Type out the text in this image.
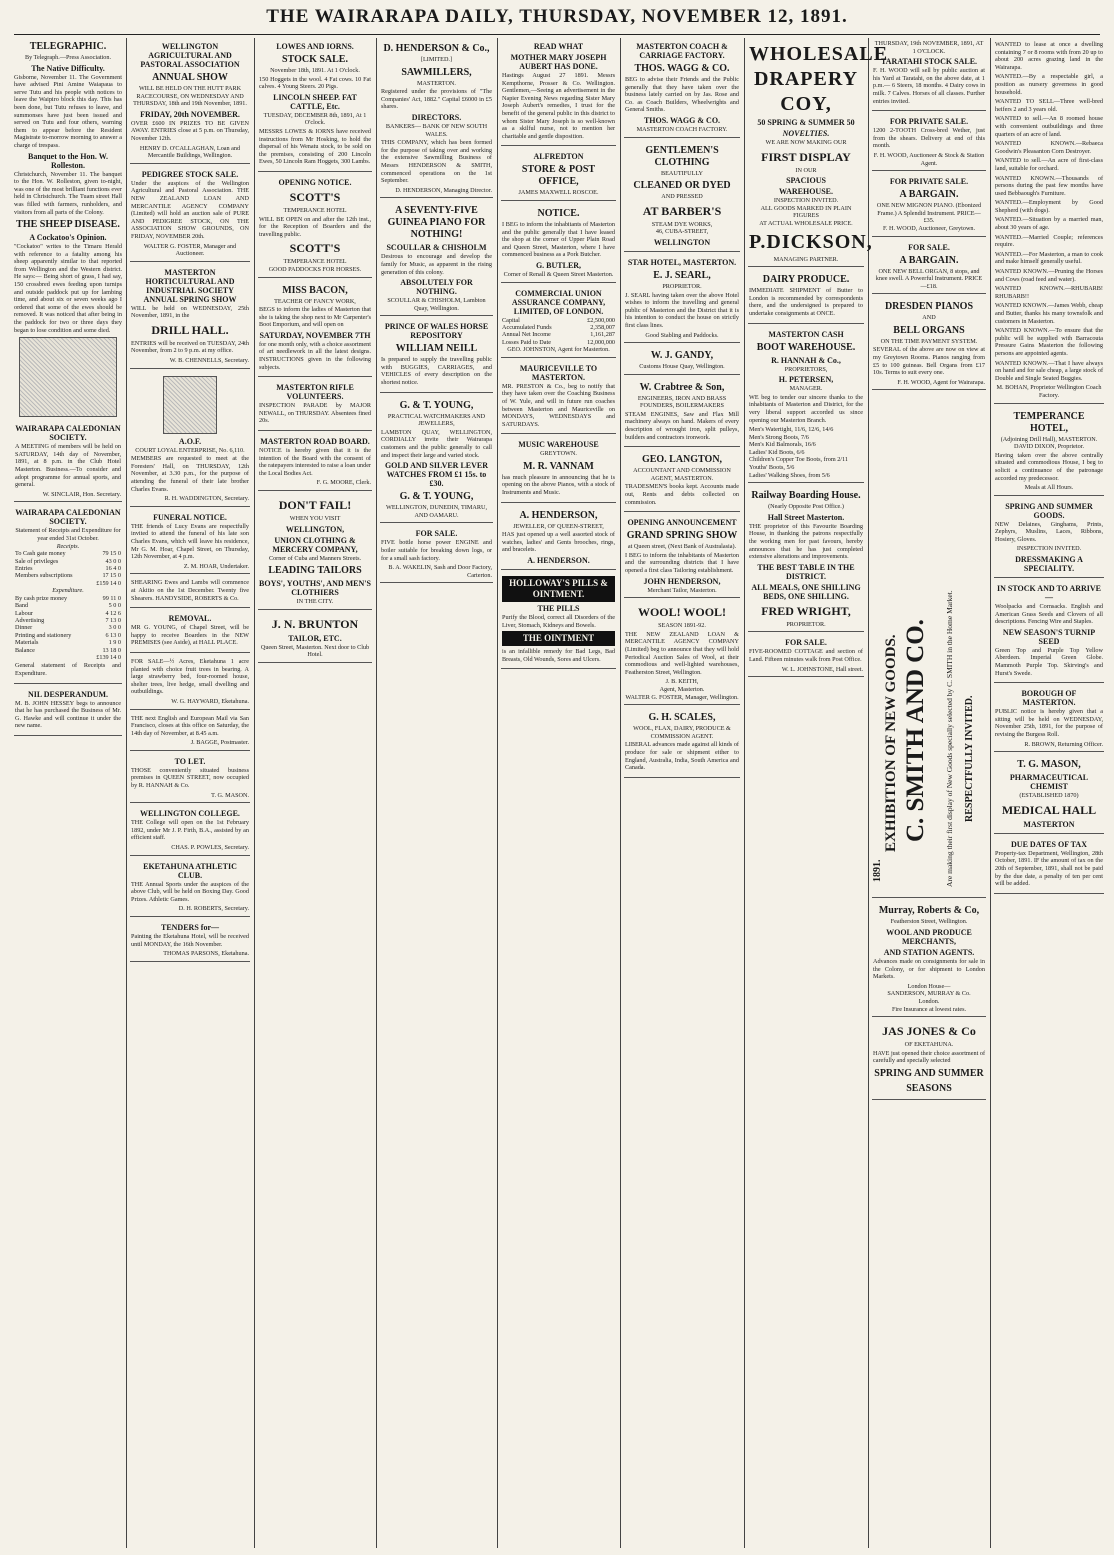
THE WAIRARAPA DAILY, THURSDAY, NOVEMBER 12, 1891.
TELEGRAPHIC.
By Telegraph.—Press Association.
The Native Difficulty.
Gisborne, November 11. The Government have advised Pini Amine Waiapaua to serve Tutu and his people with notices to leave the Waipiro block this day. This has been done, but Tutu refuses to leave, and summonses have just been issued and served on Tutu and four others, warning them to appear before the Resident Magistrate to-morrow morning to answer a charge of trespass.
Banquet to the Hon. W. Rolleston.
Christchurch, November 11. The banquet to the Hon. W. Rolleston, given to-night, was one of the most brilliant functions ever held in Christchurch. The Tuam street Hall was filled with farmers, runholders, and visitors from all parts of the Colony.
THE SHEEP DISEASE.
A Cockatoo's Opinion.
"Cockatoo" writes to the Timaru Herald with reference to a fatality among his sheep apparently similar to that reported from Wellington and the Western district. He says:— Being short of grass, I had say, 150 crossbred ewes feeding upon turnips and outside paddock put up for lambing time, and about six or seven weeks ago I ordered that some of the ewes should be removed. It was noticed that after being in the paddock for two or three days they began to lose condition and some died.
WAIRARAPA CALEDONIAN SOCIETY.
A MEETING of members will be held on SATURDAY, 14th day of November, 1891, at 8 p.m. in the Club Hotel Masterton. Business.—To consider and adopt programme for annual sports, and general.
W. SINCLAIR, Hon. Secretary.
WAIRARAPA CALEDONIAN SOCIETY.
Statement of Receipts and Expenditure for year ended 31st October.
Receipts.
To Cash gate money	79 15 0
Sale of privileges	43 0 0
Entries	16 4 0
Members subscriptions	17 15 0
	£159 14 0
Expenditure.
By cash prize money	99 11 0
Band	5 0 0
Labour	4 12 6
Advertising	7 13 0
Dinner	3 0 0
Printing and stationery	6 13 0
Materials	1 9 0
Balance	13 18 0
	£139 14 0
General statement of Receipts and Expenditure.
NIL DESPERANDUM.
M. B. JOHN HESSEY begs to announce that he has purchased the Business of Mr. G. Hawke and will continue it under the new name.
WELLINGTON AGRICULTURAL AND PASTORAL ASSOCIATION
ANNUAL SHOW
WILL BE HELD ON THE HUTT PARK RACECOURSE, ON WEDNESDAY AND THURSDAY, 18th and 19th November, 1891.
FRIDAY, 20th NOVEMBER.
OVER £600 IN PRIZES TO BE GIVEN AWAY. ENTRIES close at 5 p.m. on Thursday, November 12th.
HENRY D. O'CALLAGHAN, Loan and Mercantile Buildings, Wellington.
PEDIGREE STOCK SALE.
Under the auspices of the Wellington Agricultural and Pastoral Association. THE NEW ZEALAND LOAN AND MERCANTILE AGENCY COMPANY (Limited) will hold an auction sale of PURE AND PEDIGREE STOCK, ON THE ASSOCIATION SHOW GROUNDS, ON FRIDAY, NOVEMBER 20th.
WALTER G. FOSTER, Manager and Auctioneer.
MASTERTON HORTICULTURAL AND INDUSTRIAL SOCIETY ANNUAL SPRING SHOW
WILL be held on WEDNESDAY, 25th November, 1891, in the
DRILL HALL.
ENTRIES will be received on TUESDAY, 24th November, from 2 to 9 p.m. at my office.
W. B. CHENNELLS, Secretary.
A.O.F.
COURT LOYAL ENTERPRISE, No. 6,110.
MEMBERS are requested to meet at the Foresters' Hall, on THURSDAY, 12th November, at 3.30 p.m., for the purpose of attending the funeral of their late brother Charles Evans.
R. H. WADDINGTON, Secretary.
FUNERAL NOTICE.
THE friends of Lucy Evans are respectfully invited to attend the funeral of his late son Charles Evans, which will leave his residence, Mr G. M. Hoar, Chapel Street, on Thursday, 12th November, at 4 p.m.
Z. M. HOAR, Undertaker.
SHEARING Ewes and Lambs will commence at Akitio on the 1st December. Twenty five Shearers. HANDYSIDE, ROBERTS & Co.
REMOVAL.
MR G. YOUNG, of Chapel Street, will be happy to receive Boarders in the NEW PREMISES (see Aside), at HALL PLACE.
FOR SALE—½ Acres, Eketahuna 1 acre planted with choice fruit trees in bearing. A large strawberry bed, four-roomed house, shelter trees, live hedge, small dwelling and outbuildings.
W. G. HAYWARD, Eketahuna.
THE next English and European Mail via San Francisco, closes at this office on Saturday, the 14th day of November, at 8.45 a.m.
J. BAGGE, Postmaster.
TO LET.
THOSE conveniently situated business premises in QUEEN STREET, now occupied by R. HANNAH & Co.
T. G. MASON.
WELLINGTON COLLEGE.
THE College will open on the 1st February 1892, under Mr J. P. Firth, B.A., assisted by an efficient staff.
CHAS. P. POWLES, Secretary.
EKETAHUNA ATHLETIC CLUB.
THE Annual Sports under the auspices of the above Club, will be held on Boxing Day. Good Prizes. Athletic Games.
D. H. ROBERTS, Secretary.
TENDERS for—
Painting the Eketahuna Hotel, will be received until MONDAY, the 16th November.
THOMAS PARSONS, Eketahuna.
LOWES AND IORNS.
STOCK SALE.
November 18th, 1891. At 1 O'clock.
150 Hoggets in the wool. 4 Fat cows. 10 Fat calves. 4 Young Steers. 20 Pigs.
LINCOLN SHEEP. FAT CATTLE, Etc.
TUESDAY, DECEMBER 8th, 1891, At 1 O'clock.
MESSRS LOWES & IORNS have received instructions from Mr Hosking, to hold the dispersal of his Wenatu stock, to be sold on the premises, consisting of 200 Lincoln Ewes, 50 Lincoln Ram Hoggets, 300 Lambs.
OPENING NOTICE.
SCOTT'S
TEMPERANCE HOTEL
WILL BE OPEN on and after the 12th inst., for the Reception of Boarders and the travelling public.
SCOTT'S
TEMPERANCE HOTEL
GOOD PADDOCKS FOR HORSES.
MISS BACON,
TEACHER OF FANCY WORK,
BEGS to inform the ladies of Masterton that she is taking the shop next to Mr Carpenter's Boot Emporium, and will open on
SATURDAY, NOVEMBER 7TH
for one month only, with a choice assortment of art needlework in all the latest designs. INSTRUCTIONS given in the following subjects.
MASTERTON RIFLE VOLUNTEERS.
INSPECTION PARADE by MAJOR NEWALL, on THURSDAY. Absentees fined 20s.
MASTERTON ROAD BOARD.
NOTICE is hereby given that it is the intention of the Board with the consent of the ratepayers interested to raise a loan under the Local Bodies Act.
F. G. MOORE, Clerk.
DON'T FAIL!
WHEN YOU VISIT
WELLINGTON,
UNION CLOTHING & MERCERY COMPANY,
Corner of Cuba and Manners Streets.
LEADING TAILORS
BOYS', YOUTHS', AND MEN'S CLOTHIERS
IN THE CITY.
J. N. BRUNTON
TAILOR, ETC.
Queen Street, Masterton. Next door to Club Hotel.
D. HENDERSON & Co.,
[LIMITED.]
SAWMILLERS,
MASTERTON.
Registered under the provisions of "The Companies' Act, 1882." Capital £6000 in £5 shares.
DIRECTORS.
BANKERS— BANK OF NEW SOUTH WALES.
THIS COMPANY, which has been formed for the purpose of taking over and working the extensive Sawmilling Business of Messrs HENDERSON & SMITH, commenced operations on the 1st September.
D. HENDERSON, Managing Director.
A SEVENTY-FIVE GUINEA PIANO FOR NOTHING!
SCOULLAR & CHISHOLM
Desirous to encourage and develop the family for Music, as apparent in the rising generation of this colony.
ABSOLUTELY FOR NOTHING.
SCOULLAR & CHISHOLM, Lambton Quay, Wellington.
PRINCE OF WALES HORSE REPOSITORY
WILLIAM NEILL
Is prepared to supply the travelling public with BUGGIES, CARRIAGES, and VEHICLES of every description on the shortest notice.
G. & T. YOUNG,
PRACTICAL WATCHMAKERS AND JEWELLERS,
LAMBTON QUAY, WELLINGTON, CORDIALLY invite their Wairarapa customers and the public generally to call and inspect their large and varied stock.
GOLD AND SILVER LEVER WATCHES FROM £1 15s. to £30.
G. & T. YOUNG,
WELLINGTON, DUNEDIN, TIMARU, AND OAMARU.
FOR SALE.
FIVE bottle horse power ENGINE and boiler suitable for breaking down logs, or for a small sash factory.
B. A. WAKELIN, Sash and Door Factory, Carterton.
READ WHAT
MOTHER MARY JOSEPH AUBERT HAS DONE.
Hastings August 27 1891. Messrs Kempthorne, Prosser & Co. Wellington. Gentlemen,—Seeing an advertisement in the Napier Evening News regarding Sister Mary Joseph Aubert's remedies, I trust for the benefit of the general public in this district to whom Sister Mary Joseph is so well-known as a skilful nurse, not to mention her charitable and gentle disposition.
ALFREDTON
STORE & POST OFFICE,
JAMES MAXWELL ROSCOE.
NOTICE.
I BEG to inform the inhabitants of Masterton and the public generally that I have leased the shop at the corner of Upper Plain Road and Queen Street, Masterton, where I have commenced business as a Pork Butcher.
G. BUTLER,
Corner of Renall & Queen Street Masterton.
COMMERCIAL UNION ASSURANCE COMPANY, LIMITED, OF LONDON.
Capital	£2,500,000
Accumulated Funds	2,358,007
Annual Net Income	1,161,287
Losses Paid to Date	12,000,000
GEO. JOHNSTON, Agent for Masterton.
MAURICEVILLE TO MASTERTON.
MR. PRESTON & Co., beg to notify that they have taken over the Coaching Business of W. Yule, and will in future run coaches between Masterton and Mauriceville on MONDAYS, WEDNESDAYS and SATURDAYS.
MUSIC WAREHOUSE
GREYTOWN.
M. R. VANNAM
has much pleasure in announcing that he is opening on the above Pianos, with a stock of Instruments and Music.
A. HENDERSON,
JEWELLER, OF QUEEN-STREET,
HAS just opened up a well assorted stock of watches, ladies' and Gents brooches, rings, and bracelets.
A. HENDERSON.
HOLLOWAY'S PILLS & OINTMENT.
THE PILLS
Purify the Blood, correct all Disorders of the Liver, Stomach, Kidneys and Bowels.
THE OINTMENT
is an infallible remedy for Bad Legs, Bad Breasts, Old Wounds, Sores and Ulcers.
MASTERTON COACH & CARRIAGE FACTORY.
THOS. WAGG & CO.
BEG to advise their Friends and the Public generally that they have taken over the business lately carried on by Jas. Rose and Co. as Coach Builders, Wheelwrights and General Smiths.
THOS. WAGG & CO.
MASTERTON COACH FACTORY.
GENTLEMEN'S CLOTHING
BEAUTIFULLY
CLEANED OR DYED
AND PRESSED
AT BARBER'S
STEAM DYE WORKS,
46, CUBA-STREET,
WELLINGTON
STAR HOTEL, MASTERTON.
E. J. SEARL,
PROPRIETOR.
J. SEARL having taken over the above Hotel wishes to inform the travelling and general public of Masterton and the District that it is his intention to conduct the house on strictly first class lines.
Good Stabling and Paddocks.
W. J. GANDY,
Customs House Quay, Wellington.
W. Crabtree & Son,
ENGINEERS, IRON AND BRASS FOUNDERS, BOILERMAKERS
STEAM ENGINES, Saw and Flax Mill machinery always on hand. Makers of every description of wrought iron, split pulleys, builders and contractors ironwork.
GEO. LANGTON,
ACCOUNTANT AND COMMISSION AGENT, MASTERTON.
TRADESMEN'S books kept. Accounts made out, Rents and debts collected on commission.
OPENING ANNOUNCEMENT
GRAND SPRING SHOW
at Queen street, (Next Bank of Australasia).
I BEG to inform the inhabitants of Masterton and the surrounding districts that I have opened a first class Tailoring establishment.
JOHN HENDERSON,
Merchant Tailor, Masterton.
WOOL! WOOL!
SEASON 1891-92.
THE NEW ZEALAND LOAN & MERCANTILE AGENCY COMPANY (Limited) beg to announce that they will hold Periodical Auction Sales of Wool, at their commodious and well-lighted warehouses, Featherston Street, Wellington.
J. B. KEITH,
Agent, Masterton.
WALTER G. FOSTER, Manager, Wellington.
G. H. SCALES,
WOOL, FLAX, DAIRY, PRODUCE & COMMISSION AGENT.
LIBERAL advances made against all kinds of produce for sale or shipment either to England, Australia, India, South America and Canada.
WHOLESALE
DRAPERY
COY,
50 SPRING & SUMMER 50
NOVELTIES.
WE ARE NOW MAKING OUR
FIRST DISPLAY
IN OUR
SPACIOUS
WAREHOUSE.
INSPECTION INVITED.
ALL GOODS MARKED IN PLAIN FIGURES
AT ACTUAL WHOLESALE PRICE.
P.DICKSON,
MANAGING PARTNER.
DAIRY PRODUCE.
IMMEDIATE SHIPMENT of Butter to London is recommended by correspondents there, and the undersigned is prepared to undertake consignments at ONCE.
MASTERTON CASH
BOOT WAREHOUSE.
R. HANNAH & Co.,
PROPRIETORS,
H. PETERSEN,
MANAGER.
WE beg to tender our sincere thanks to the inhabitants of Masterton and District, for the very liberal support accorded us since opening our Masterton Branch.
Men's Watertight, 11/6, 12/6, 14/6
Men's Strong Boots, 7/6
Men's Kid Balmorals, 16/6
Ladies' Kid Boots, 6/6
Children's Copper Toe Boots, from 2/11
Youths' Boots, 5/6
Ladies' Walking Shoes, from 5/6
Railway Boarding House.
(Nearly Opposite Post Office.)
Hall Street Masterton.
THE proprietor of this Favourite Boarding House, in thanking the patrons respectfully the working men for past favours, hereby announces that he has just completed extensive alterations and improvements.
THE BEST TABLE IN THE DISTRICT.
ALL MEALS, ONE SHILLING BEDS, ONE SHILLING.
FRED WRIGHT,
PROPRIETOR.
FOR SALE.
FIVE-ROOMED COTTAGE and section of Land. Fifteen minutes walk from Post Office.
W. L. JOHNSTONE, Hall street.
THURSDAY, 19th NOVEMBER, 1891, AT 1 O'CLOCK.
TARATAHI STOCK SALE.
F. H. WOOD will sell by public auction at his Yard at Taratahi, on the above date, at 1 p.m.— 6 Steers, 18 months. 4 Dairy cows in milk. 7 Calves. Horses of all classes. Further entries invited.
FOR PRIVATE SALE.
1200 2-TOOTH Cross-bred Wether, just from the shears. Delivery at end of this month.
F. H. WOOD, Auctioneer & Stock & Station Agent.
FOR PRIVATE SALE.
A BARGAIN.
ONE NEW MIGNON PIANO. (Ebonized Frame.) A Splendid Instrument. PRICE—£35.
F. H. WOOD, Auctioneer, Greytown.
FOR SALE.
A BARGAIN.
ONE NEW BELL ORGAN, 8 stops, and knee swell. A Powerful Instrument. PRICE—£18.
DRESDEN PIANOS
AND
BELL ORGANS
ON THE TIME PAYMENT SYSTEM.
SEVERAL of the above are now on view at my Greytown Rooms. Pianos ranging from £5 to 100 guineas. Bell Organs from £17 10s. Terms to suit every one.
F. H. WOOD, Agent for Wairarapa.
1891.
EXHIBITION OF NEW GOODS. C. SMITH AND CO. Are making their first display of New Goods specially selected by C. SMITH in the Home Market. RESPECTFULLY INVITED.
Murray, Roberts & Co,
Featherston Street, Wellington.
WOOL AND PRODUCE MERCHANTS,
AND STATION AGENTS.
Advances made on consignments for sale in the Colony, or for shipment to London Markets.
London House—
SANDERSON, MURRAY & Co.
London.
Fire Insurance at lowest rates.
JAS JONES & Co
OF EKETAHUNA.
HAVE just opened their choice assortment of carefully and specially selected
SPRING AND SUMMER
SEASONS
WANTED to lease at once a dwelling containing 7 or 8 rooms with from 20 up to about 200 acres grazing land in the Wairarapa.
WANTED.—By a respectable girl, a position as nursery governess in good household.
WANTED TO SELL—Three well-bred heifers 2 and 3 years old.
WANTED to sell.—An 8 roomed house with convenient outbuildings and three quarters of an acre of land.
WANTED KNOWN.—Rebaeca Goodwin's Pleasanton Corn Destroyer.
WANTED to sell.—An acre of first-class land, suitable for orchard.
WANTED KNOWN.—Thousands of persons during the past few months have used Bebbaough's Furniture.
WANTED.—Employment by Good Shepherd (with dogs).
WANTED.—Situation by a married man, about 30 years of age.
WANTED.—Married Couple; references require.
WANTED.—For Masterton, a man to cook and make himself generally useful.
WANTED KNOWN.—Pruning the Horses and Cows (road feed and water).
WANTED KNOWN.—RHUBARB! RHUBARB!!
WANTED KNOWN.—James Webb, cheap and Butter, thanks his many townsfolk and customers in Masterton.
WANTED KNOWN.—To ensure that the public will be supplied with Barracouta Pressure Gains Masterton the following persons are appointed agents.
WANTED KNOWN.—That I have always on hand and for sale cheap, a large stock of Double and Single Seated Buggies.
M. BOHAN, Proprietor Wellington Coach Factory.
TEMPERANCE HOTEL,
(Adjoining Drill Hall), MASTERTON.
DAVID DIXON, Proprietor.
Having taken over the above centrally situated and commodious House, I beg to solicit a continuance of the patronage accorded my predecessor.
Meals at All Hours.
SPRING AND SUMMER GOODS.
NEW Delaines, Ginghams, Prints, Zephyrs, Muslins, Laces, Ribbons, Hosiery, Gloves.
INSPECTION INVITED.
DRESSMAKING A SPECIALITY.
IN STOCK AND TO ARRIVE—
Woolpacks and Cornsacks. English and American Grass Seeds and Clovers of all descriptions. Fencing Wire and Staples.
NEW SEASON'S TURNIP SEED
Green Top and Purple Top Yellow Aberdeen. Imperial Green Globe. Mammoth Purple Top. Skirving's and Hurst's Swede.
BOROUGH OF MASTERTON.
PUBLIC notice is hereby given that a sitting will be held on WEDNESDAY, November 25th, 1891, for the purpose of revising the Burgess Roll.
R. BROWN, Returning Officer.
T. G. MASON,
PHARMACEUTICAL CHEMIST
(ESTABLISHED 1870)
MEDICAL HALL
MASTERTON
DUE DATES OF TAX
Property-tax Department, Wellington, 28th October, 1891. IF the amount of tax on the 20th of September, 1891, shall not be paid by the due date, a penalty of ten per cent will be added.
